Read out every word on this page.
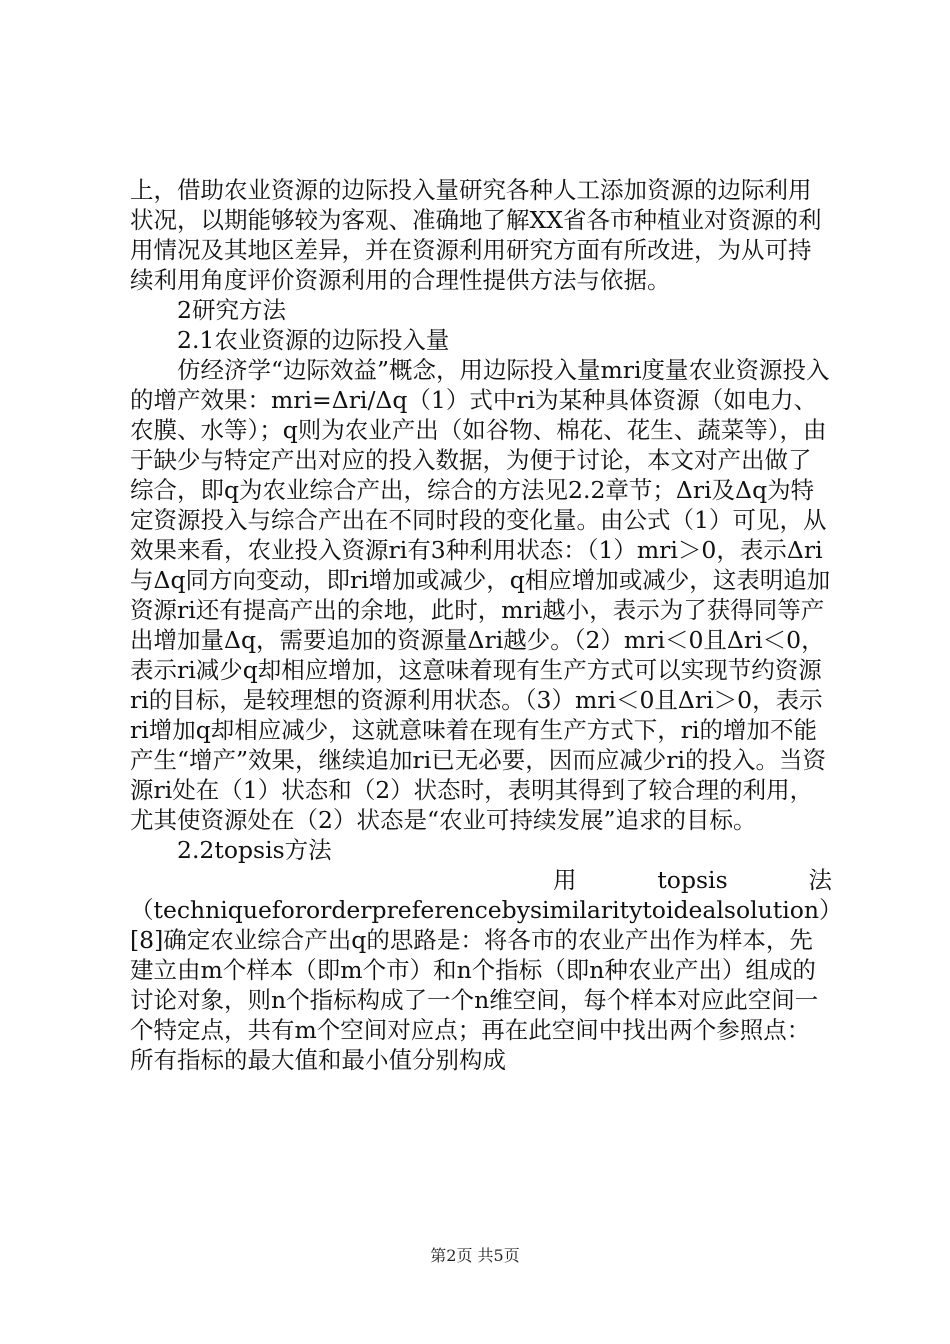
上，借助农业资源的边际投入量研究各种人工添加资源的边际利用状况，以期能够较为客观、准确地了解XX省各市种植业对资源的利用情况及其地区差异，并在资源利用研究方面有所改进，为从可持续利用角度评价资源利用的合理性提供方法与依据。

2研究方法

2.1农业资源的边际投入量

仿经济学“边际效益”概念，用边际投入量mri度量农业资源投入的增产效果：mri=Δri/Δq（1）式中ri为某种具体资源（如电力、农膜、水等）；q则为农业产出（如谷物、棉花、花生、蔬菜等），由于缺少与特定产出对应的投入数据，为便于讨论，本文对产出做了综合，即q为农业综合产出，综合的方法见2.2章节；Δri及Δq为特定资源投入与综合产出在不同时段的变化量。由公式（1）可见，从效果来看，农业投入资源ri有3种利用状态：（1）mri＞0，表示Δri与Δq同方向变动，即ri增加或减少，q相应增加或减少，这表明追加资源ri还有提高产出的余地，此时，mri越小，表示为了获得同等产出增加量Δq，需要追加的资源量Δri越少。（2）mri＜0且Δri＜0，表示ri减少q却相应增加，这意味着现有生产方式可以实现节约资源ri的目标，是较理想的资源利用状态。（3）mri＜0且Δri＞0，表示ri增加q却相应减少，这就意味着在现有生产方式下，ri的增加不能产生“增产”效果，继续追加ri已无必要，因而应减少ri的投入。当资源ri处在（1）状态和（2）状态时，表明其得到了较合理的利用，尤其使资源处在（2）状态是“农业可持续发展”追求的目标。

2.2topsis方法

用　topsis　法

（techniquefororderpreferencebysimilaritytoidealsolution）[8]确定农业综合产出q的思路是：将各市的农业产出作为样本，先建立由m个样本（即m个市）和n个指标（即n种农业产出）组成的讨论对象，则n个指标构成了一个n维空间，每个样本对应此空间一个特定点，共有m个空间对应点；再在此空间中找出两个参照点：所有指标的最大值和最小值分别构成

第2页 共5页
